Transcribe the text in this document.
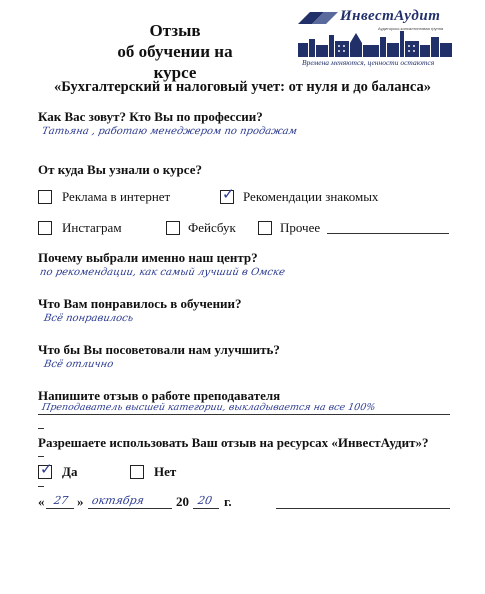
Отзыв
об обучении на курсе
ИнвестАудит
Аудиторско-консалтинговая группа
Времена меняются, ценности остаются
«Бухгалтерский и налоговый учет: от нуля и до баланса»
Как Вас зовут? Кто Вы по профессии?
Татьяна , работаю менеджером по продажам
От куда Вы узнали о курсе?
Реклама в интернет	✓ Рекомендации знакомых
Инстаграм	Фейсбук	Прочее
Почему выбрали именно наш центр?
по рекомендации, как самый лучший в Омске
Что Вам понравилось в обучении?
Всё понравилось
Что бы Вы посоветовали нам улучшить?
Всё отлично
Напишите отзыв о работе преподавателя
Преподаватель высшей категории, выкладывается на все 100%
Разрешаете использовать Ваш отзыв на ресурсах «ИнвестАудит»?
✓ Да	Нет
« 27 » октября 20 20 г.
